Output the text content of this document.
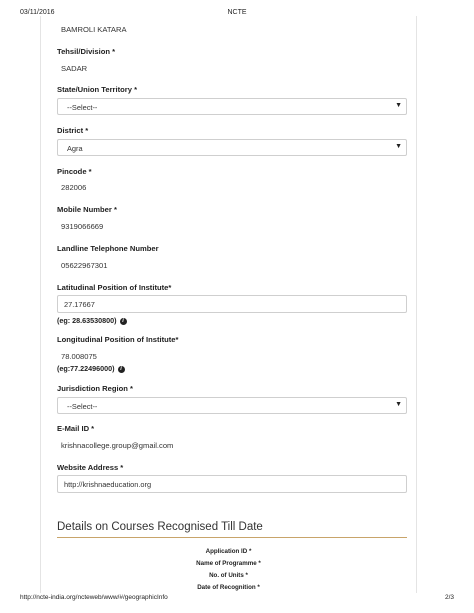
03/11/2016	NCTE
BAMROLI KATARA
Tehsil/Division *
SADAR
State/Union Territory *
--Select--	▼
District *
Agra	▼
Pincode *
282006
Mobile Number *
9319066669
Landline Telephone Number
05622967301
Latitudinal Position of Institute*
27.17667
(eg: 28.63530800) i
Longitudinal Position of Institute*
78.008075
(eg:77.22496000) i
Jurisdiction Region *
--Select--	▼
E-Mail ID *
krishnacollege.group@gmail.com
Website Address *
http://krishnaeducation.org
Details on Courses Recognised Till Date
Application ID *
Name of Programme *
No. of Units *
Date of Recognition *
http://ncte-india.org/ncteweb/www/#/geographicInfo	2/3
